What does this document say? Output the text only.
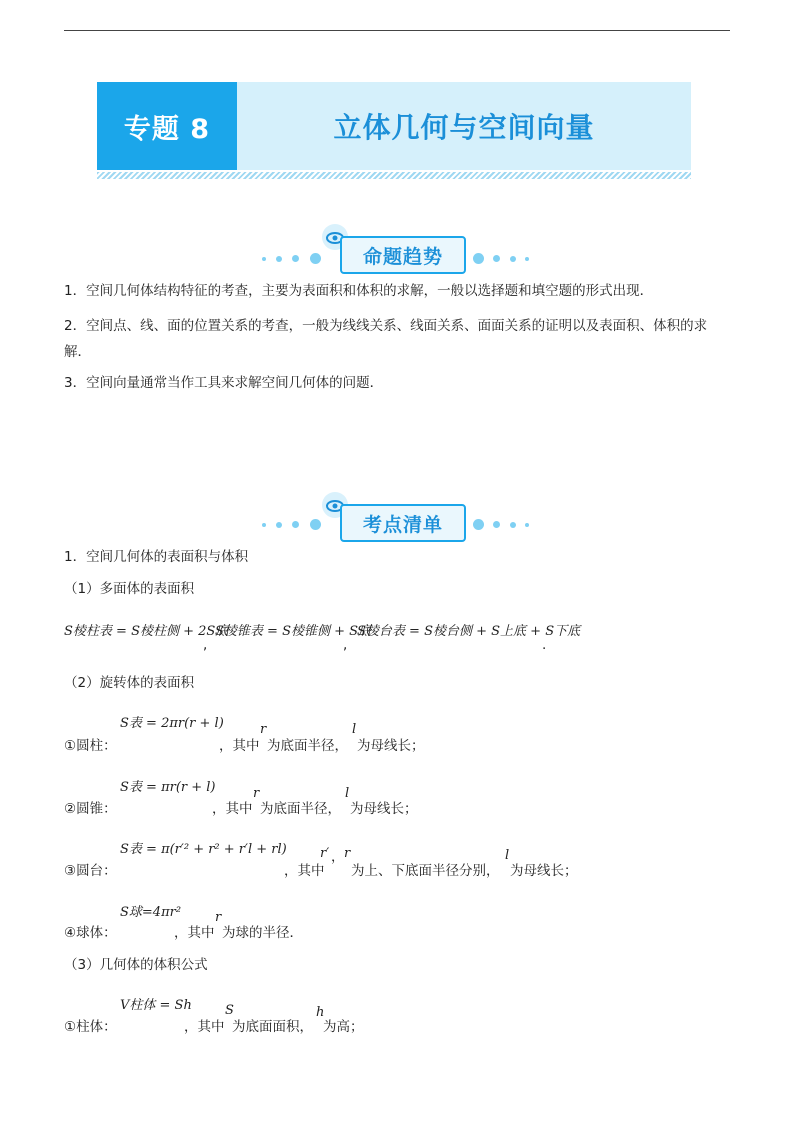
专题 8	立体几何与空间向量
命题趋势
1．空间几何体结构特征的考查，主要为表面积和体积的求解，一般以选择题和填空题的形式出现．
2．空间点、线、面的位置关系的考查，一般为线线关系、线面关系、面面关系的证明以及表面积、体积的求解．
3．空间向量通常当作工具来求解空间几何体的问题．
考点清单
1．空间几何体的表面积与体积
（1）多面体的表面积
S棱柱表 = S棱柱侧 + 2S底
,
S棱锥表 = S棱锥侧 + S底
,
S棱台表 = S棱台侧 + S上底 + S下底
.
（2）旋转体的表面积
S表 = 2πr(r + l)
①圆柱：	，其中
r
为底面半径，
l
为母线长；
S表 = πr(r + l)
②圆锥：	，其中
r
为底面半径，
l
为母线长；
S表 = π(r′² + r² + r′l + rl)
③圆台：	，其中
r′ ， r
为上、下底面半径分别，
l
为母线长；
S球=4πr²
④球体：	，其中
r
为球的半径．
（3）几何体的体积公式
V柱体 = Sh
①柱体：	，其中
S
为底面面积，
h
为高；
